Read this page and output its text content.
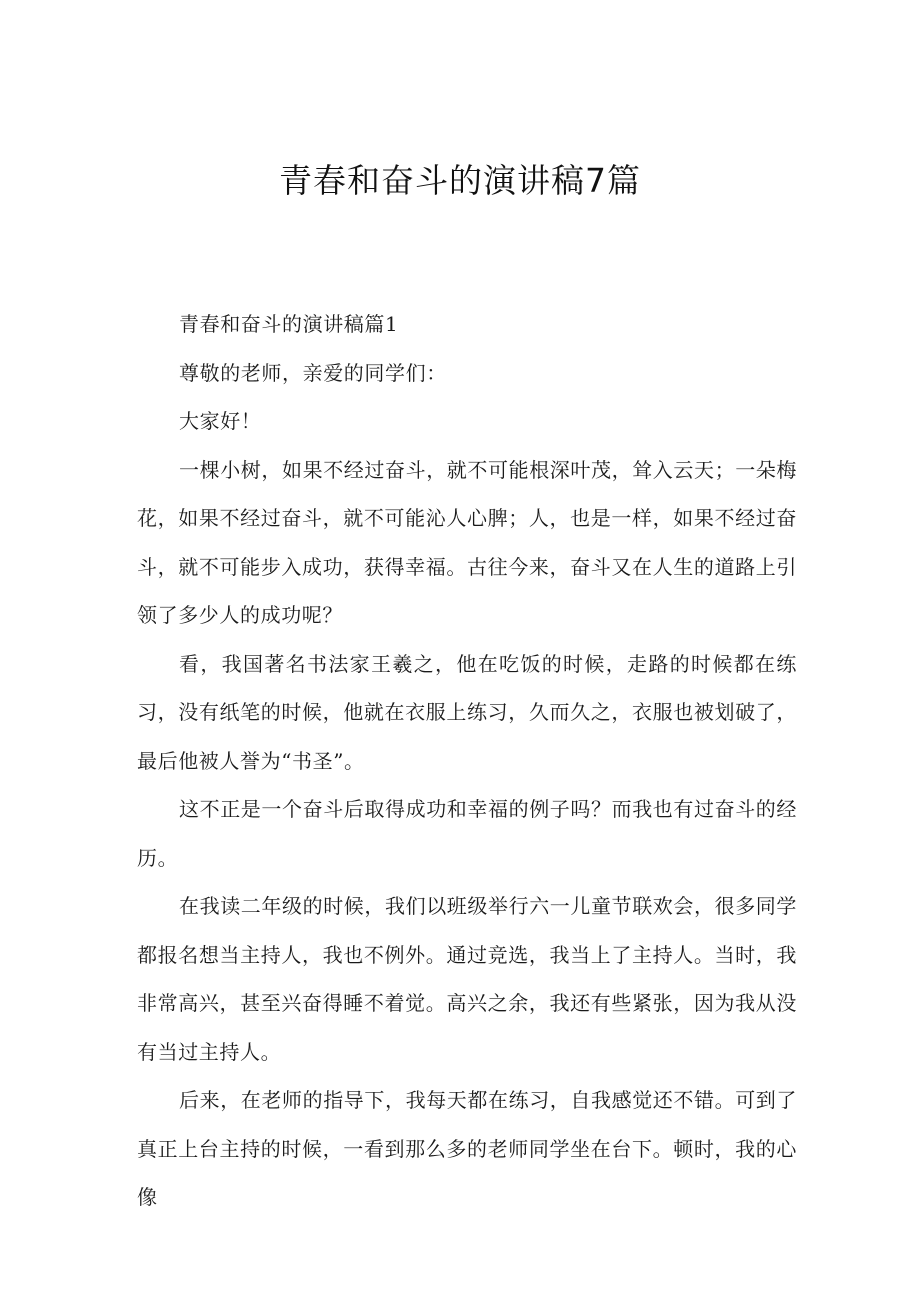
青春和奋斗的演讲稿7篇

青春和奋斗的演讲稿篇1

尊敬的老师，亲爱的同学们：

大家好！

一棵小树，如果不经过奋斗，就不可能根深叶茂，耸入云天；一朵梅花，如果不经过奋斗，就不可能沁人心脾；人，也是一样，如果不经过奋斗，就不可能步入成功，获得幸福。古往今来，奋斗又在人生的道路上引领了多少人的成功呢？

看，我国著名书法家王羲之，他在吃饭的时候，走路的时候都在练习，没有纸笔的时候，他就在衣服上练习，久而久之，衣服也被划破了，最后他被人誉为“书圣”。

这不正是一个奋斗后取得成功和幸福的例子吗？而我也有过奋斗的经历。

在我读二年级的时候，我们以班级举行六一儿童节联欢会，很多同学都报名想当主持人，我也不例外。通过竞选，我当上了主持人。当时，我非常高兴，甚至兴奋得睡不着觉。高兴之余，我还有些紧张，因为我从没有当过主持人。

后来，在老师的指导下，我每天都在练习，自我感觉还不错。可到了真正上台主持的时候，一看到那么多的老师同学坐在台下。顿时，我的心像
